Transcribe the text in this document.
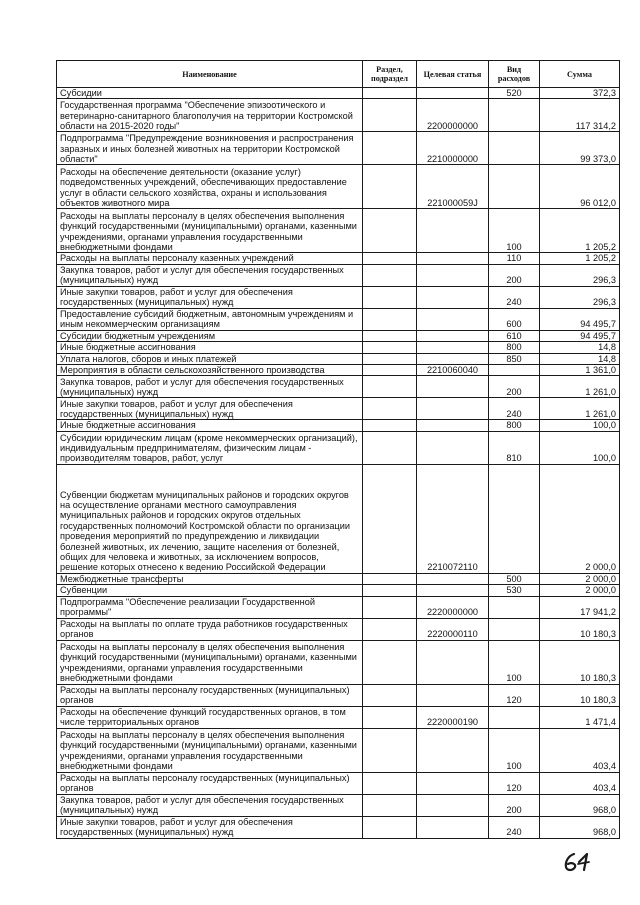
Наименование	Раздел, подраздел	Целевая статья	Вид расходов	Сумма
Субсидии			520	372,3
Государственная программа "Обеспечение эпизоотического и ветеринарно-санитарного благополучия на территории Костромской области на 2015-2020 годы"		2200000000		117 314,2
Подпрограмма "Предупреждение возникновения и распространения заразных и иных болезней животных на территории Костромской области"		2210000000		99 373,0
Расходы на обеспечение деятельности (оказание услуг) подведомственных учреждений, обеспечивающих предоставление услуг в области сельского хозяйства, охраны и использования объектов животного мира		221000059J		96 012,0
Расходы на выплаты персоналу в целях обеспечения выполнения функций государственными (муниципальными) органами, казенными учреждениями, органами управления государственными внебюджетными фондами			100	1 205,2
Расходы на выплаты персоналу казенных учреждений			110	1 205,2
Закупка товаров, работ и услуг для обеспечения государственных (муниципальных) нужд			200	296,3
Иные закупки товаров, работ и услуг для обеспечения государственных (муниципальных) нужд			240	296,3
Предоставление субсидий бюджетным, автономным учреждениям и иным некоммерческим организациям			600	94 495,7
Субсидии бюджетным учреждениям			610	94 495,7
Иные бюджетные ассигнования			800	14,8
Уплата налогов, сборов и иных платежей			850	14,8
Мероприятия в области сельскохозяйственного производства		2210060040		1 361,0
Закупка товаров, работ и услуг для обеспечения государственных (муниципальных) нужд			200	1 261,0
Иные закупки товаров, работ и услуг для обеспечения государственных (муниципальных) нужд			240	1 261,0
Иные бюджетные ассигнования			800	100,0
Субсидии юридическим лицам (кроме некоммерческих организаций), индивидуальным предпринимателям, физическим лицам - производителям товаров, работ, услуг			810	100,0
Субвенции бюджетам муниципальных районов и городских округов на осуществление органами местного самоуправления муниципальных районов и городских округов отдельных государственных полномочий Костромской области по организации проведения мероприятий по предупреждению и ликвидации болезней животных, их лечению, защите населения от болезней, общих для человека и животных, за исключением вопросов, решение которых отнесено к ведению Российской Федерации		2210072110		2 000,0
Межбюджетные трансферты			500	2 000,0
Субвенции			530	2 000,0
Подпрограмма "Обеспечение реализации Государственной программы"		2220000000		17 941,2
Расходы на выплаты по оплате труда работников государственных органов		2220000110		10 180,3
Расходы на выплаты персоналу в целях обеспечения выполнения функций государственными (муниципальными) органами, казенными учреждениями, органами управления государственными внебюджетными фондами			100	10 180,3
Расходы на выплаты персоналу государственных (муниципальных) органов			120	10 180,3
Расходы на обеспечение функций государственных органов, в том числе территориальных органов		2220000190		1 471,4
Расходы на выплаты персоналу в целях обеспечения выполнения функций государственными (муниципальными) органами, казенными учреждениями, органами управления государственными внебюджетными фондами			100	403,4
Расходы на выплаты персоналу государственных (муниципальных) органов			120	403,4
Закупка товаров, работ и услуг для обеспечения государственных (муниципальных) нужд			200	968,0
Иные закупки товаров, работ и услуг для обеспечения государственных (муниципальных) нужд			240	968,0
